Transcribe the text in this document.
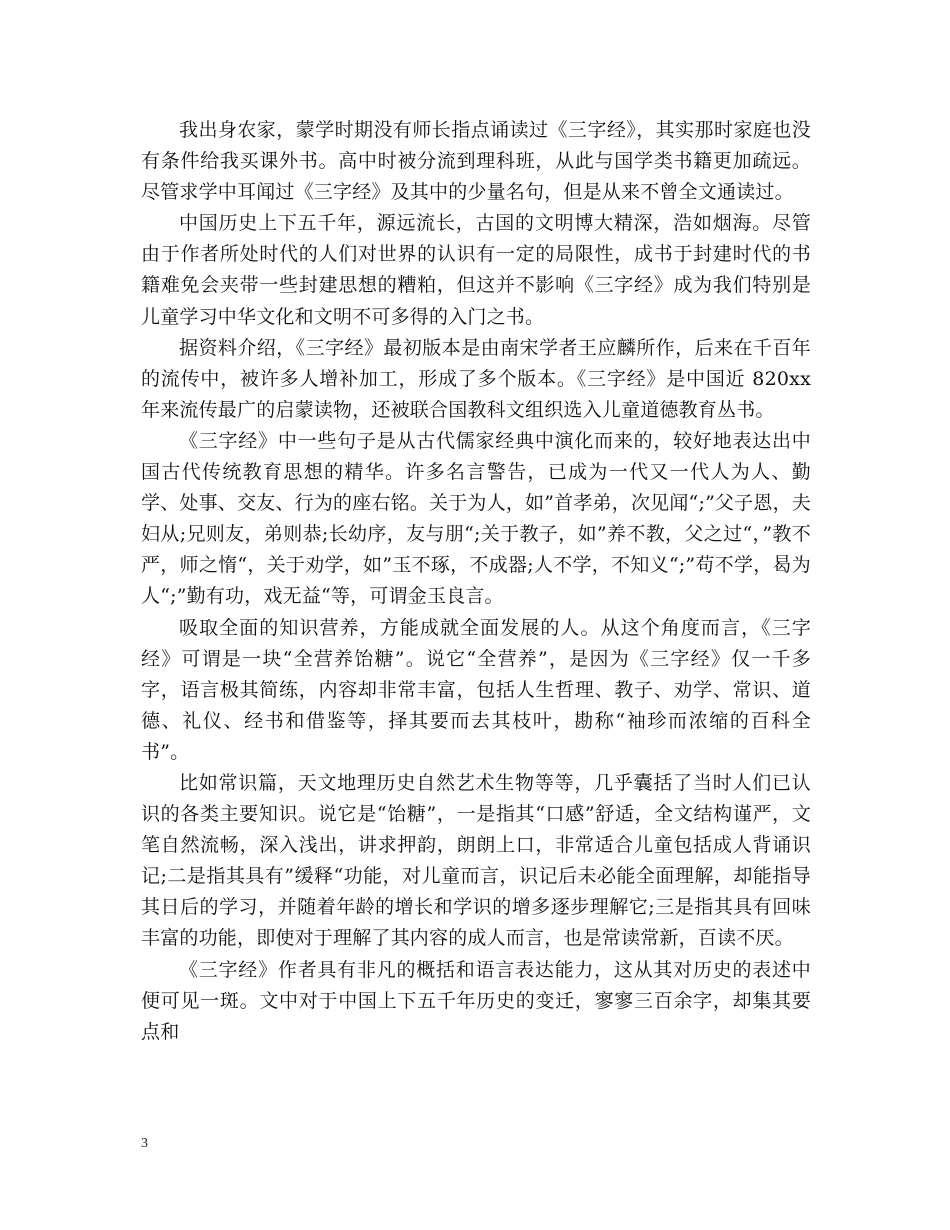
我出身农家，蒙学时期没有师长指点诵读过《三字经》，其实那时家庭也没有条件给我买课外书。高中时被分流到理科班，从此与国学类书籍更加疏远。尽管求学中耳闻过《三字经》及其中的少量名句，但是从来不曾全文通读过。

中国历史上下五千年，源远流长，古国的文明博大精深，浩如烟海。尽管由于作者所处时代的人们对世界的认识有一定的局限性，成书于封建时代的书籍难免会夹带一些封建思想的糟粕，但这并不影响《三字经》成为我们特别是儿童学习中华文化和文明不可多得的入门之书。

据资料介绍，《三字经》最初版本是由南宋学者王应麟所作，后来在千百年的流传中，被许多人增补加工，形成了多个版本。《三字经》是中国近 820xx 年来流传最广的启蒙读物，还被联合国教科文组织选入儿童道德教育丛书。

《三字经》中一些句子是从古代儒家经典中演化而来的，较好地表达出中国古代传统教育思想的精华。许多名言警告，已成为一代又一代人为人、勤学、处事、交友、行为的座右铭。关于为人，如”首孝弟，次见闻“;”父子恩，夫妇从;兄则友，弟则恭;长幼序，友与朋“;关于教子，如”养不教，父之过“，”教不严，师之惰“，关于劝学，如”玉不琢，不成器;人不学，不知义“;”苟不学，曷为人“;”勤有功，戏无益“等，可谓金玉良言。

吸取全面的知识营养，方能成就全面发展的人。从这个角度而言，《三字经》可谓是一块“全营养饴糖”。说它“全营养”，是因为《三字经》仅一千多字，语言极其简练，内容却非常丰富，包括人生哲理、教子、劝学、常识、道德、礼仪、经书和借鉴等，择其要而去其枝叶，勘称“袖珍而浓缩的百科全书”。

比如常识篇，天文地理历史自然艺术生物等等，几乎囊括了当时人们已认识的各类主要知识。说它是“饴糖”，一是指其“口感”舒适，全文结构谨严，文笔自然流畅，深入浅出，讲求押韵，朗朗上口，非常适合儿童包括成人背诵识记;二是指其具有”缓释“功能，对儿童而言，识记后未必能全面理解，却能指导其日后的学习，并随着年龄的增长和学识的增多逐步理解它;三是指其具有回味丰富的功能，即使对于理解了其内容的成人而言，也是常读常新，百读不厌。

《三字经》作者具有非凡的概括和语言表达能力，这从其对历史的表述中便可见一斑。文中对于中国上下五千年历史的变迁，寥寥三百余字，却集其要点和

3
